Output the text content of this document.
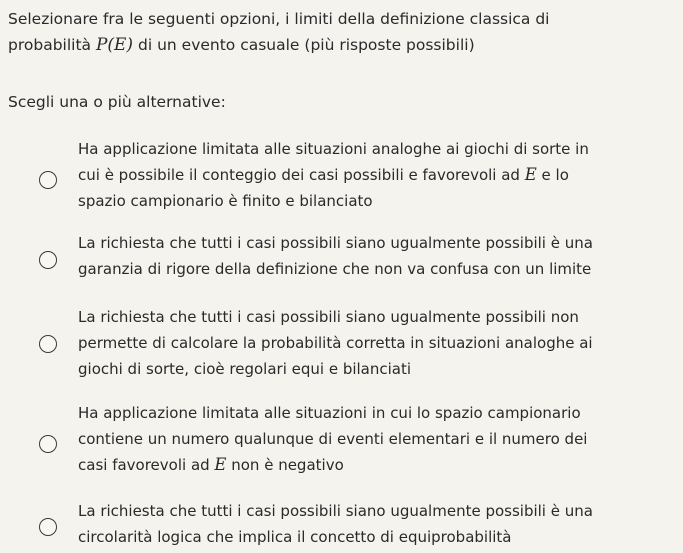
Selezionare fra le seguenti opzioni, i limiti della definizione classica di
probabilità P(E) di un evento casuale (più risposte possibili)
Scegli una o più alternative:
Ha applicazione limitata alle situazioni analoghe ai giochi di sorte in
cui è possibile il conteggio dei casi possibili e favorevoli ad E e lo
spazio campionario è finito e bilanciato
La richiesta che tutti i casi possibili siano ugualmente possibili è una
garanzia di rigore della definizione che non va confusa con un limite
La richiesta che tutti i casi possibili siano ugualmente possibili non
permette di calcolare la probabilità corretta in situazioni analoghe ai
giochi di sorte, cioè regolari equi e bilanciati
Ha applicazione limitata alle situazioni in cui lo spazio campionario
contiene un numero qualunque di eventi elementari e il numero dei
casi favorevoli ad E non è negativo
La richiesta che tutti i casi possibili siano ugualmente possibili è una
circolarità logica che implica il concetto di equiprobabilità
